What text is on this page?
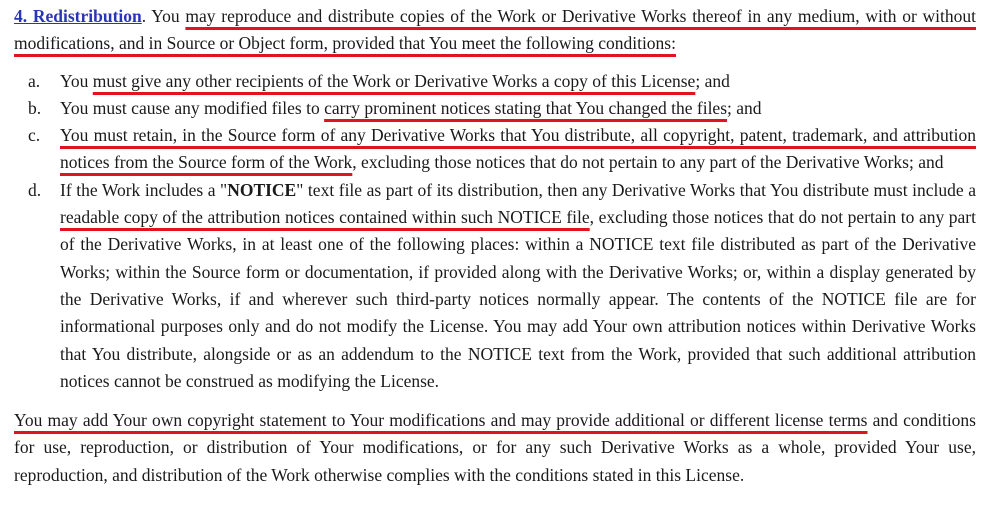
4. Redistribution. You may reproduce and distribute copies of the Work or Derivative Works thereof in any medium, with or without modifications, and in Source or Object form, provided that You meet the following conditions:

a. You must give any other recipients of the Work or Derivative Works a copy of this License; and
b. You must cause any modified files to carry prominent notices stating that You changed the files; and
c. You must retain, in the Source form of any Derivative Works that You distribute, all copyright, patent, trademark, and attribution notices from the Source form of the Work, excluding those notices that do not pertain to any part of the Derivative Works; and
d. If the Work includes a "NOTICE" text file as part of its distribution, then any Derivative Works that You distribute must include a readable copy of the attribution notices contained within such NOTICE file, excluding those notices that do not pertain to any part of the Derivative Works, in at least one of the following places: within a NOTICE text file distributed as part of the Derivative Works; within the Source form or documentation, if provided along with the Derivative Works; or, within a display generated by the Derivative Works, if and wherever such third-party notices normally appear. The contents of the NOTICE file are for informational purposes only and do not modify the License. You may add Your own attribution notices within Derivative Works that You distribute, alongside or as an addendum to the NOTICE text from the Work, provided that such additional attribution notices cannot be construed as modifying the License.

You may add Your own copyright statement to Your modifications and may provide additional or different license terms and conditions for use, reproduction, or distribution of Your modifications, or for any such Derivative Works as a whole, provided Your use, reproduction, and distribution of the Work otherwise complies with the conditions stated in this License.
